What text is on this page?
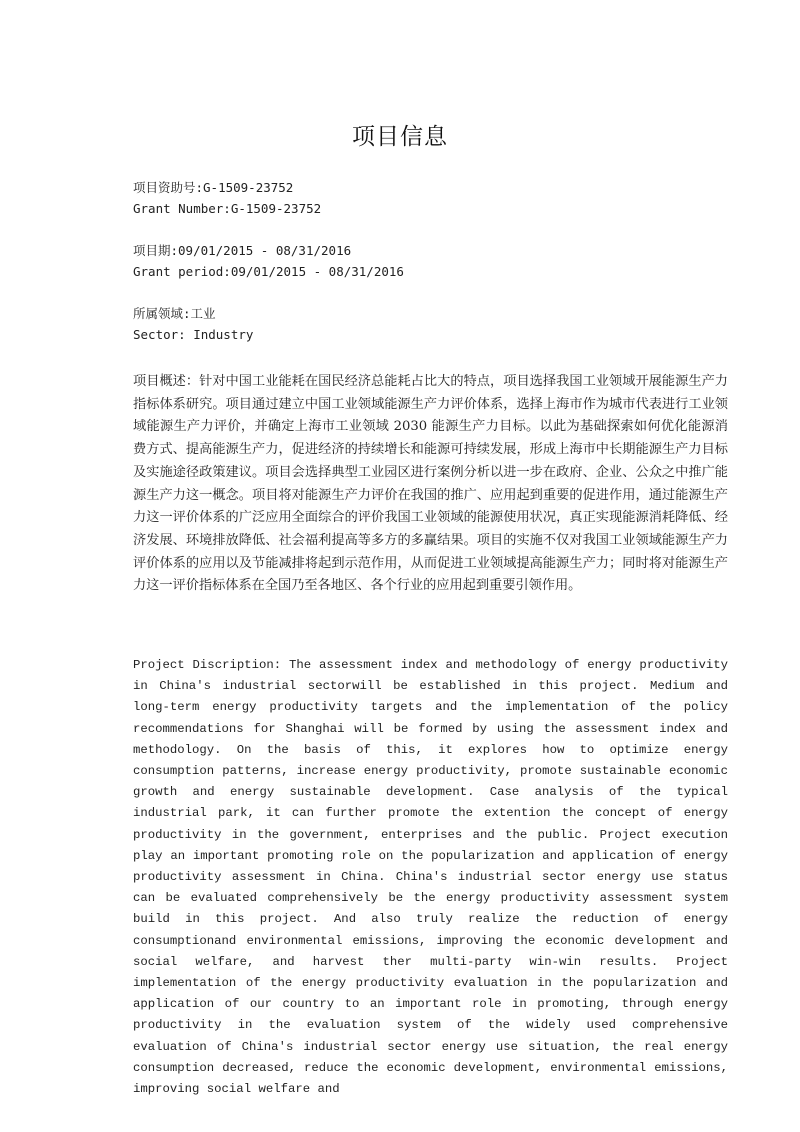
项目信息
项目资助号:G-1509-23752
Grant Number:G-1509-23752
项目期:09/01/2015 - 08/31/2016
Grant period:09/01/2015 - 08/31/2016
所属领域:工业
Sector: Industry
项目概述：针对中国工业能耗在国民经济总能耗占比大的特点，项目选择我国工业领域开展能源生产力指标体系研究。项目通过建立中国工业领域能源生产力评价体系，选择上海市作为城市代表进行工业领域能源生产力评价，并确定上海市工业领域 2030 能源生产力目标。以此为基础探索如何优化能源消费方式、提高能源生产力，促进经济的持续增长和能源可持续发展，形成上海市中长期能源生产力目标及实施途径政策建议。项目会选择典型工业园区进行案例分析以进一步在政府、企业、公众之中推广能源生产力这一概念。项目将对能源生产力评价在我国的推广、应用起到重要的促进作用，通过能源生产力这一评价体系的广泛应用全面综合的评价我国工业领域的能源使用状况，真正实现能源消耗降低、经济发展、环境排放降低、社会福利提高等多方的多赢结果。项目的实施不仅对我国工业领域能源生产力评价体系的应用以及节能减排将起到示范作用，从而促进工业领域提高能源生产力；同时将对能源生产力这一评价指标体系在全国乃至各地区、各个行业的应用起到重要引领作用。
Project Discription: The assessment index and methodology of energy productivity in China's industrial sectorwill be established in this project. Medium and long-term energy productivity targets and the implementation of the policy recommendations for Shanghai will be formed by using the assessment index and methodology. On the basis of this, it explores how to optimize energy consumption patterns, increase energy productivity, promote sustainable economic growth and energy sustainable development. Case analysis of the typical industrial park, it can further promote the extention the concept of energy productivity in the government, enterprises and the public. Project execution play an important promoting role on the popularization and application of energy productivity assessment in China. China's industrial sector energy use status can be evaluated comprehensively be the energy productivity assessment system build in this project. And also truly realize the reduction of energy consumptionand environmental emissions, improving the economic development and social welfare, and harvest ther multi-party win-win results. Project implementation of the energy productivity evaluation in the popularization and application of our country to an important role in promoting, through energy productivity in the evaluation system of the widely used comprehensive evaluation of China's industrial sector energy use situation, the real energy consumption decreased, reduce the economic development, environmental emissions, improving social welfare and
